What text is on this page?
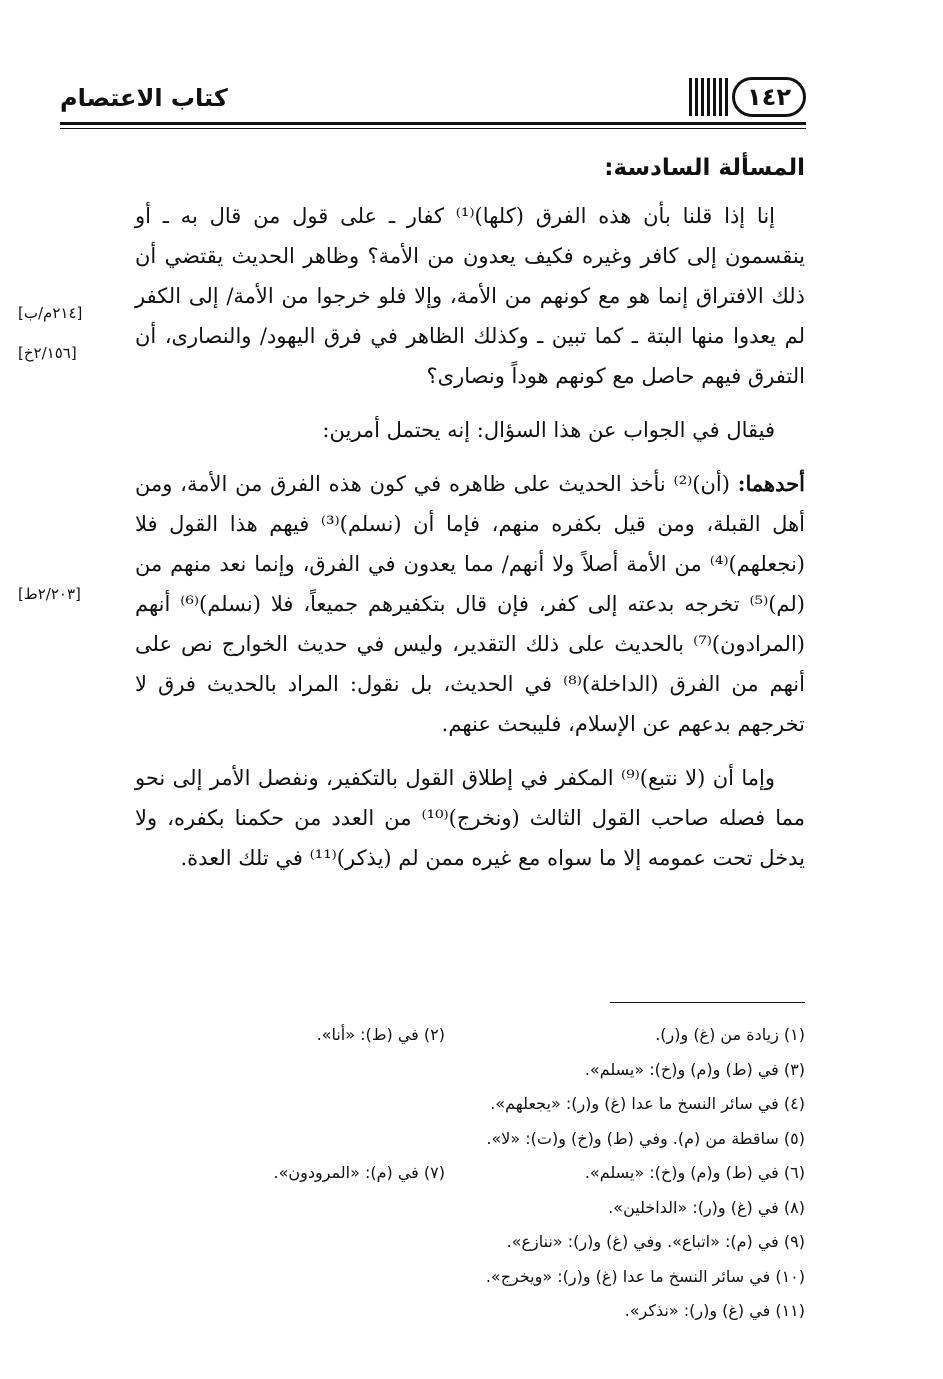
كتاب الاعتصام	١٤٢
[٢١٤م/ب]
[٢/١٥٦خ]
[٢/٢٠٣ط]
المسألة السادسة:

إنا إذا قلنا بأن هذه الفرق (كلها)⁽¹⁾ كفار ـ على قول من قال به ـ أو ينقسمون إلى كافر وغيره فكيف يعدون من الأمة؟ وظاهر الحديث يقتضي أن ذلك الافتراق إنما هو مع كونهم من الأمة، وإلا فلو خرجوا من الأمة/ إلى الكفر لم يعدوا منها البتة ـ كما تبين ـ وكذلك الظاهر في فرق اليهود/ والنصارى، أن التفرق فيهم حاصل مع كونهم هوداً ونصارى؟

فيقال في الجواب عن هذا السؤال: إنه يحتمل أمرين:

أحدهما: (أن)⁽²⁾ نأخذ الحديث على ظاهره في كون هذه الفرق من الأمة، ومن أهل القبلة، ومن قيل بكفره منهم، فإما أن (نسلم)⁽³⁾ فيهم هذا القول فلا (نجعلهم)⁽⁴⁾ من الأمة أصلاً ولا أنهم/ مما يعدون في الفرق، وإنما نعد منهم من (لم)⁽⁵⁾ تخرجه بدعته إلى كفر، فإن قال بتكفيرهم جميعاً، فلا (نسلم)⁽⁶⁾ أنهم (المرادون)⁽⁷⁾ بالحديث على ذلك التقدير، وليس في حديث الخوارج نص على أنهم من الفرق (الداخلة)⁽⁸⁾ في الحديث، بل نقول: المراد بالحديث فرق لا تخرجهم بدعهم عن الإسلام، فليبحث عنهم.

وإما أن (لا نتبع)⁽⁹⁾ المكفر في إطلاق القول بالتكفير، ونفصل الأمر إلى نحو مما فصله صاحب القول الثالث (ونخرج)⁽¹⁰⁾ من العدد من حكمنا بكفره، ولا يدخل تحت عمومه إلا ما سواه مع غيره ممن لم (يذكر)⁽¹¹⁾ في تلك العدة.

(١) زيادة من (غ) و(ر).
(٢) في (ط): «أنا».
(٣) في (ط) و(م) و(خ): «يسلم».
(٤) في سائر النسخ ما عدا (غ) و(ر): «يجعلهم».
(٥) ساقطة من (م). وفي (ط) و(خ) و(ت): «لا».
(٦) في (ط) و(م) و(خ): «يسلم».
(٧) في (م): «المرودون».
(٨) في (غ) و(ر): «الداخلين».
(٩) في (م): «اتباع». وفي (غ) و(ر): «ننازع».
(١٠) في سائر النسخ ما عدا (غ) و(ر): «ويخرج».
(١١) في (غ) و(ر): «نذكر».
